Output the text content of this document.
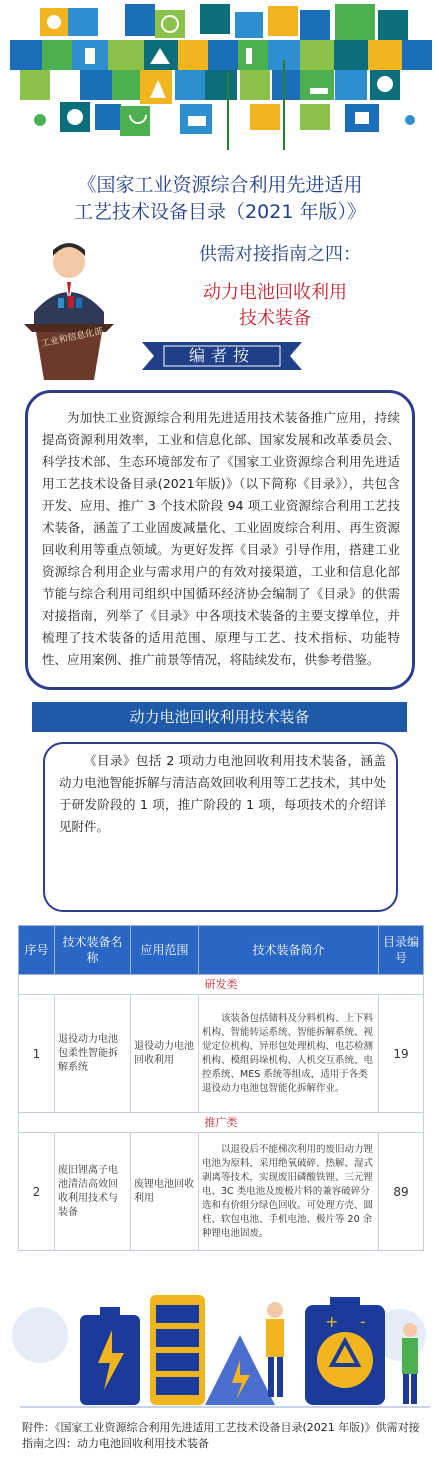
《国家工业资源综合利用先进适用
工艺技术设备目录（2021 年版）》
工业和信息化部
供需对接指南之四：
动力电池回收利用
技术装备
编者按

为加快工业资源综合利用先进适用技术装备推广应用，持续提高资源利用效率，工业和信息化部、国家发展和改革委员会、科学技术部、生态环境部发布了《国家工业资源综合利用先进适用工艺技术设备目录(2021年版)》（以下简称《目录》），共包含开发、应用、推广 3 个技术阶段 94 项工业资源综合利用工艺技术装备，涵盖了工业固废减量化、工业固废综合利用、再生资源回收利用等重点领域。为更好发挥《目录》引导作用，搭建工业资源综合利用企业与需求用户的有效对接渠道，工业和信息化部节能与综合利用司组织中国循环经济协会编制了《目录》的供需对接指南，列举了《目录》中各项技术装备的主要支撑单位，并梳理了技术装备的适用范围、原理与工艺、技术指标、功能特性、应用案例、推广前景等情况，将陆续发布，供参考借鉴。

动力电池回收利用技术装备

《目录》包括 2 项动力电池回收利用技术装备，涵盖动力电池智能拆解与清洁高效回收利用等工艺技术，其中处于研发阶段的 1 项，推广阶段的 1 项，每项技术的介绍详见附件。

序号	技术装备名称	应用范围	技术装备简介	目录编号
研发类				
1	退役动力电池包柔性智能拆解系统	退役动力电池回收利用	该装备包括储料及分料机构、上下料机构、智能转运系统、智能拆解系统、视觉定位机构、异形包处理机构、电芯检测机构、模组码垛机构、人机交互系统、电控系统、MES 系统等组成，适用于各类退役动力电池包智能化拆解作业。	19
推广类				
2	废旧锂离子电池清洁高效回收利用技术与装备	废锂电池回收利用	以退役后不能梯次利用的废旧动力锂电池为原料，采用绝氧破碎、热解、湿式剥离等技术，实现废旧磷酸铁锂、三元锂电、3C 类电池及废极片料的兼容破碎分选和有价组分绿色回收。可处理方壳、圆柱、软包电池、手机电池、极片等 20 余种锂电池固废。	89
+ -
附件：《国家工业资源综合利用先进适用工艺技术设备目录(2021 年版)》供需对接指南之四：动力电池回收利用技术装备
